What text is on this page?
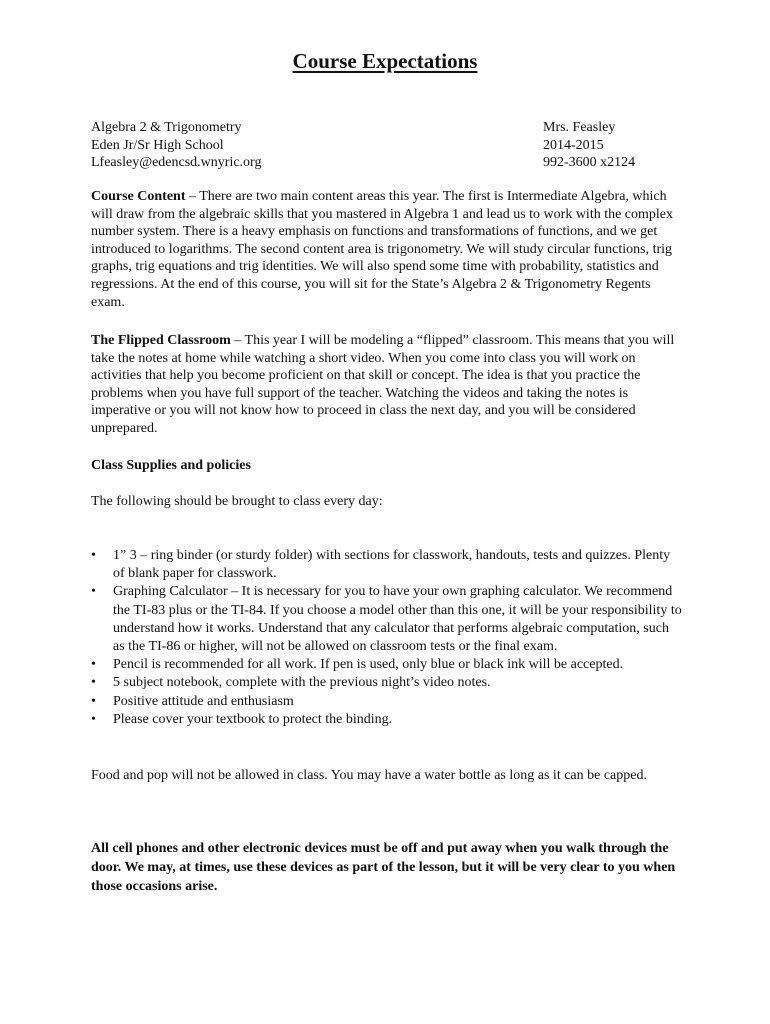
Course Expectations
Algebra 2 & Trigonometry
Eden Jr/Sr High School
Lfeasley@edencsd.wnyric.org
Mrs. Feasley
2014-2015
992-3600 x2124

Course Content – There are two main content areas this year. The first is Intermediate Algebra, which will draw from the algebraic skills that you mastered in Algebra 1 and lead us to work with the complex number system. There is a heavy emphasis on functions and transformations of functions, and we get introduced to logarithms. The second content area is trigonometry. We will study circular functions, trig graphs, trig equations and trig identities. We will also spend some time with probability, statistics and regressions. At the end of this course, you will sit for the State’s Algebra 2 & Trigonometry Regents exam.

The Flipped Classroom – This year I will be modeling a “flipped” classroom. This means that you will take the notes at home while watching a short video. When you come into class you will work on activities that help you become proficient on that skill or concept. The idea is that you practice the problems when you have full support of the teacher. Watching the videos and taking the notes is imperative or you will not know how to proceed in class the next day, and you will be considered unprepared.

Class Supplies and policies

The following should be brought to class every day:

•	1” 3 – ring binder (or sturdy folder) with sections for classwork, handouts, tests and quizzes. Plenty of blank paper for classwork.
•	Graphing Calculator – It is necessary for you to have your own graphing calculator. We recommend the TI-83 plus or the TI-84. If you choose a model other than this one, it will be your responsibility to understand how it works. Understand that any calculator that performs algebraic computation, such as the TI-86 or higher, will not be allowed on classroom tests or the final exam.
•	Pencil is recommended for all work. If pen is used, only blue or black ink will be accepted.
•	5 subject notebook, complete with the previous night’s video notes.
•	Positive attitude and enthusiasm
•	Please cover your textbook to protect the binding.

Food and pop will not be allowed in class. You may have a water bottle as long as it can be capped.

All cell phones and other electronic devices must be off and put away when you walk through the door. We may, at times, use these devices as part of the lesson, but it will be very clear to you when those occasions arise.
